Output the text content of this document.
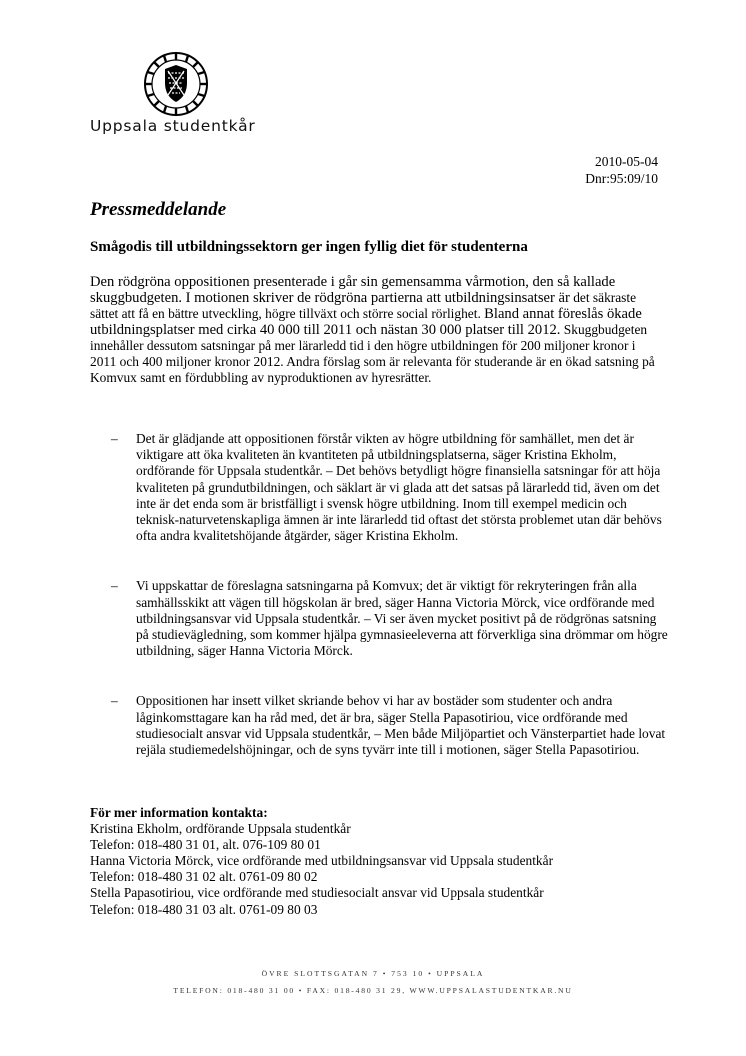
Uppsala studentkår
2010-05-04
Dnr:95:09/10
Pressmeddelande
Smågodis till utbildningssektorn ger ingen fyllig diet för studenterna

Den rödgröna oppositionen presenterade i går sin gemensamma vårmotion, den så kallade skuggbudgeten. I motionen skriver de rödgröna partierna att utbildningsinsatser är det säkraste sättet att få en bättre utveckling, högre tillväxt och större social rörlighet. Bland annat föreslås ökade utbildningsplatser med cirka 40 000 till 2011 och nästan 30 000 platser till 2012. Skuggbudgeten innehåller dessutom satsningar på mer lärarledd tid i den högre utbildningen för 200 miljoner kronor i 2011 och 400 miljoner kronor 2012. Andra förslag som är relevanta för studerande är en ökad satsning på Komvux samt en fördubbling av nyproduktionen av hyresrätter.

– Det är glädjande att oppositionen förstår vikten av högre utbildning för samhället, men det är viktigare att öka kvaliteten än kvantiteten på utbildningsplatserna, säger Kristina Ekholm, ordförande för Uppsala studentkår. – Det behövs betydligt högre finansiella satsningar för att höja kvaliteten på grundutbildningen, och säklart är vi glada att det satsas på lärarledd tid, även om det inte är det enda som är bristfälligt i svensk högre utbildning. Inom till exempel medicin och teknisk-naturvetenskapliga ämnen är inte lärarledd tid oftast det största problemet utan där behövs ofta andra kvalitetshöjande åtgärder, säger Kristina Ekholm.
– Vi uppskattar de föreslagna satsningarna på Komvux; det är viktigt för rekryteringen från alla samhällsskikt att vägen till högskolan är bred, säger Hanna Victoria Mörck, vice ordförande med utbildningsansvar vid Uppsala studentkår. – Vi ser även mycket positivt på de rödgrönas satsning på studievägledning, som kommer hjälpa gymnasieeleverna att förverkliga sina drömmar om högre utbildning, säger Hanna Victoria Mörck.
– Oppositionen har insett vilket skriande behov vi har av bostäder som studenter och andra låginkomsttagare kan ha råd med, det är bra, säger Stella Papasotiriou, vice ordförande med studiesocialt ansvar vid Uppsala studentkår, – Men både Miljöpartiet och Vänsterpartiet hade lovat rejäla studiemedelshöjningar, och de syns tyvärr inte till i motionen, säger Stella Papasotiriou.
För mer information kontakta:
Kristina Ekholm, ordförande Uppsala studentkår
Telefon: 018-480 31 01, alt. 076-109 80 01
Hanna Victoria Mörck, vice ordförande med utbildningsansvar vid Uppsala studentkår
Telefon: 018-480 31 02 alt. 0761-09 80 02
Stella Papasotiriou, vice ordförande med studiesocialt ansvar vid Uppsala studentkår
Telefon: 018-480 31 03 alt. 0761-09 80 03
ÖVRE SLOTTSGATAN 7 • 753 10 • UPPSALA
TELEFON: 018-480 31 00 • FAX: 018-480 31 29, WWW.UPPSALASTUDENTKAR.NU
